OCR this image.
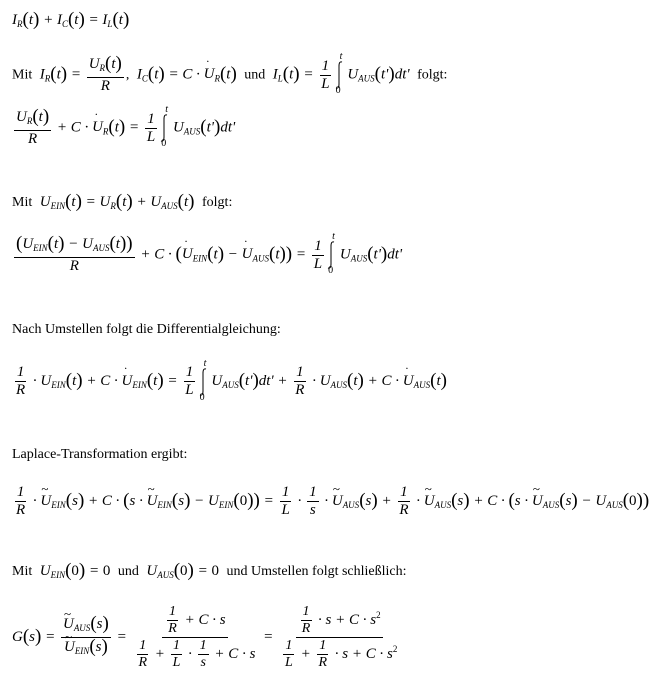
$I_R(t) + I_C(t) = I_L(t)$
Mit $I_R(t) = \frac{U_R(t)}{R}$ , $I_C(t) = C$ · ˙ $U_R(t)$ und $I_L(t) = \frac{1}{L}$
t
0
$U_{AUS}(t')dt'$ folgt:
$\frac{U_R(t)}{R} + C$ · ˙ $U_R(t) = \frac{1}{L}$
t
0
$U_{AUS}(t')dt'$
Mit $U_{EIN}(t) = U_R(t) + U_{AUS}(t)$ folgt:
$\frac{(U_{EIN}(t) - U_{AUS}(t))}{R} + C$ · (˙ $U_{EIN}(t)$ − ˙ $U_{AUS}(t)) = \frac{1}{L}$
t
0
$U_{AUS}(t')dt'$
Nach Umstellen folgt die Differentialgleichung:
$\frac{1}{R} \cdot U_{EIN}(t) + C$ · ˙ $U_{EIN}(t) = \frac{1}{L}$
t
0
$U_{AUS}(t')dt' + \frac{1}{R} \cdot U_{AUS}(t) + C$ · ˙ $U_{AUS}(t)$
Laplace-Transformation ergibt:
$\frac{1}{R}$ · ~ $U_{EIN}(s) + C \cdot (s$ · ~ $U_{EIN}(s) - U_{EIN}(0)) = \frac{1}{L} \cdot \frac{1}{s}$ · ~ $U_{AUS}(s) + \frac{1}{R}$ · ~ $U_{AUS}(s) + C \cdot (s$ · ~ $U_{AUS}(s) - U_{AUS}(0)$)
Mit $U_{EIN}(0) = 0$ und $U_{AUS}(0) = 0$ und Umstellen folgt schließlich:
G(s) =
~ $U_{AUS}(s)$
~ $U_{EIN}(s)$ =	$\frac{1}{R} + C \cdot s$
$\frac{1}{R} + \frac{1}{L} \cdot \frac{1}{s} + C \cdot s$
= $\frac{1}{R} \cdot s + C \cdot s^2$
$\frac{1}{L} + \frac{1}{R} \cdot s + C \cdot s^2$
